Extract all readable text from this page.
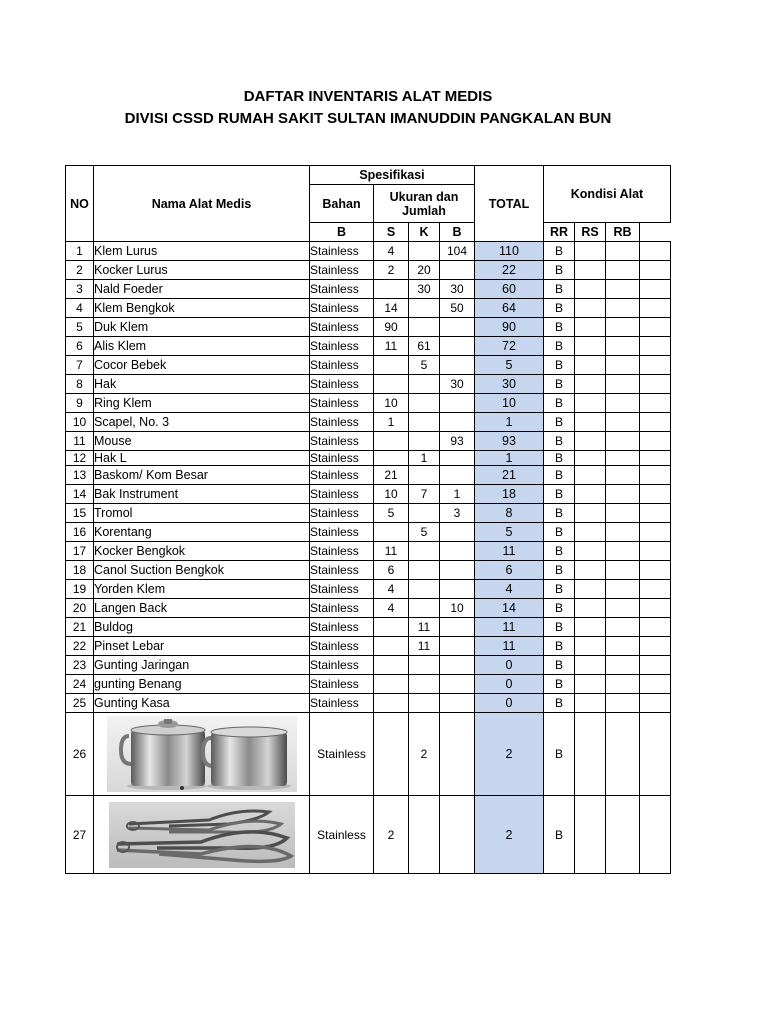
DAFTAR INVENTARIS ALAT MEDIS
DIVISI CSSD RUMAH SAKIT SULTAN IMANUDDIN PANGKALAN BUN
NO	Nama Alat Medis	Spesifikasi				TOTAL	Kondisi Alat			
		Bahan	Ukuran dan Jumlah							
		B	S	K	B		RR	RS	RB	
1	Klem Lurus	Stainless	4		104	110	B			
2	Kocker Lurus	Stainless	2	20		22	B			
3	Nald Foeder	Stainless		30	30	60	B			
4	Klem Bengkok	Stainless	14		50	64	B			
5	Duk Klem	Stainless	90			90	B			
6	Alis Klem	Stainless	11	61		72	B			
7	Cocor Bebek	Stainless		5		5	B			
8	Hak	Stainless			30	30	B			
9	Ring Klem	Stainless	10			10	B			
10	Scapel, No. 3	Stainless	1			1	B			
11	Mouse	Stainless			93	93	B			
12	Hak L	Stainless		1		1	B			
13	Baskom/ Kom Besar	Stainless	21			21	B			
14	Bak Instrument	Stainless	10	7	1	18	B			
15	Tromol	Stainless	5		3	8	B			
16	Korentang	Stainless		5		5	B			
17	Kocker Bengkok	Stainless	11			11	B			
18	Canol Suction Bengkok	Stainless	6			6	B			
19	Yorden Klem	Stainless	4			4	B			
20	Langen Back	Stainless	4		10	14	B			
21	Buldog	Stainless		11		11	B			
22	Pinset Lebar	Stainless		11		11	B			
23	Gunting Jaringan	Stainless				0	B			
24	gunting Benang	Stainless				0	B			
25	Gunting Kasa	Stainless				0	B			
26		Stainless		2		2	B			
27		Stainless	2			2	B			
